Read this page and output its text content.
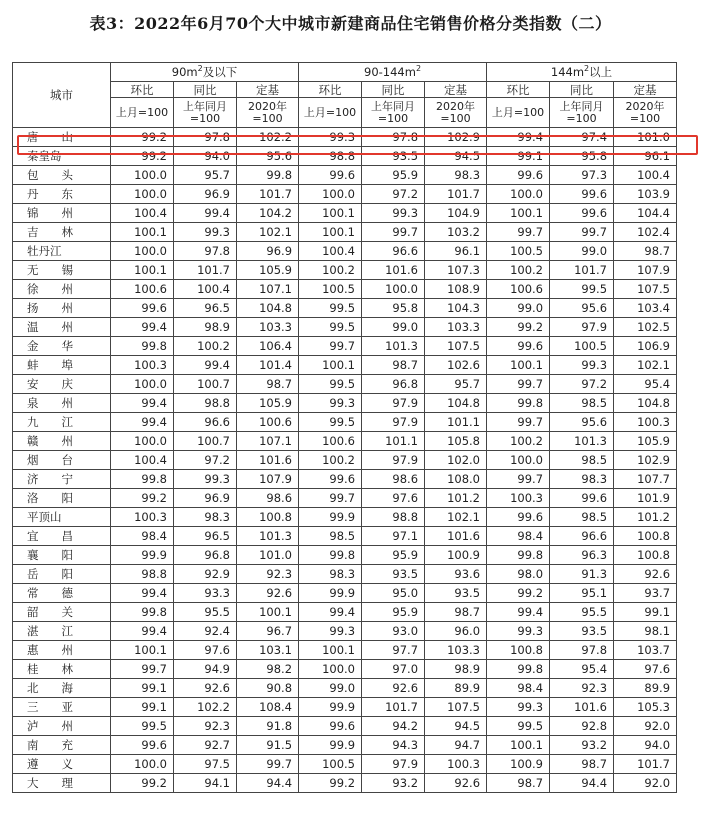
表3：2022年6月70个大中城市新建商品住宅销售价格分类指数（二）
城市	$90m^2$及以下			$90-144m^2$			$144m^2$以上		
	环比	同比	定基	环比	同比	定基	环比	同比	定基
	上月=100	上年同月=100	2020年=100	上月=100	上年同月=100	2020年=100	上月=100	上年同月=100	2020年=100
唐　　山	99.2	97.8	102.2	99.3	97.8	102.9	99.4	97.4	101.0
秦皇岛	99.2	94.0	95.6	98.8	93.5	94.5	99.1	95.8	96.1
包　　头	100.0	95.7	99.8	99.6	95.9	98.3	99.6	97.3	100.4
丹　　东	100.0	96.9	101.7	100.0	97.2	101.7	100.0	99.6	103.9
锦　　州	100.4	99.4	104.2	100.1	99.3	104.9	100.1	99.6	104.4
吉　　林	100.1	99.3	102.1	100.1	99.7	103.2	99.7	99.7	102.4
牡丹江	100.0	97.8	96.9	100.4	96.6	96.1	100.5	99.0	98.7
无　　锡	100.1	101.7	105.9	100.2	101.6	107.3	100.2	101.7	107.9
徐　　州	100.6	100.4	107.1	100.5	100.0	108.9	100.6	99.5	107.5
扬　　州	99.6	96.5	104.8	99.5	95.8	104.3	99.0	95.6	103.4
温　　州	99.4	98.9	103.3	99.5	99.0	103.3	99.2	97.9	102.5
金　　华	99.8	100.2	106.4	99.7	101.3	107.5	99.6	100.5	106.9
蚌　　埠	100.3	99.4	101.4	100.1	98.7	102.6	100.1	99.3	102.1
安　　庆	100.0	100.7	98.7	99.5	96.8	95.7	99.7	97.2	95.4
泉　　州	99.4	98.8	105.9	99.3	97.9	104.8	99.8	98.5	104.8
九　　江	99.4	96.6	100.6	99.5	97.9	101.1	99.7	95.6	100.3
赣　　州	100.0	100.7	107.1	100.6	101.1	105.8	100.2	101.3	105.9
烟　　台	100.4	97.2	101.6	100.2	97.9	102.0	100.0	98.5	102.9
济　　宁	99.8	99.3	107.9	99.6	98.6	108.0	99.7	98.3	107.7
洛　　阳	99.2	96.9	98.6	99.7	97.6	101.2	100.3	99.6	101.9
平顶山	100.3	98.3	100.8	99.9	98.8	102.1	99.6	98.5	101.2
宜　　昌	98.4	96.5	101.3	98.5	97.1	101.6	98.4	96.6	100.8
襄　　阳	99.9	96.8	101.0	99.8	95.9	100.9	99.8	96.3	100.8
岳　　阳	98.8	92.9	92.3	98.3	93.5	93.6	98.0	91.3	92.6
常　　德	99.4	93.3	92.6	99.9	95.0	93.5	99.2	95.1	93.7
韶　　关	99.8	95.5	100.1	99.4	95.9	98.7	99.4	95.5	99.1
湛　　江	99.4	92.4	96.7	99.3	93.0	96.0	99.3	93.5	98.1
惠　　州	100.1	97.6	103.1	100.1	97.7	103.3	100.8	97.8	103.7
桂　　林	99.7	94.9	98.2	100.0	97.0	98.9	99.8	95.4	97.6
北　　海	99.1	92.6	90.8	99.0	92.6	89.9	98.4	92.3	89.9
三　　亚	99.1	102.2	108.4	99.9	101.7	107.5	99.3	101.6	105.3
泸　　州	99.5	92.3	91.8	99.6	94.2	94.5	99.5	92.8	92.0
南　　充	99.6	92.7	91.5	99.9	94.3	94.7	100.1	93.2	94.0
遵　　义	100.0	97.5	99.7	100.5	97.9	100.3	100.9	98.7	101.7
大　　理	99.2	94.1	94.4	99.2	93.2	92.6	98.7	94.4	92.0
